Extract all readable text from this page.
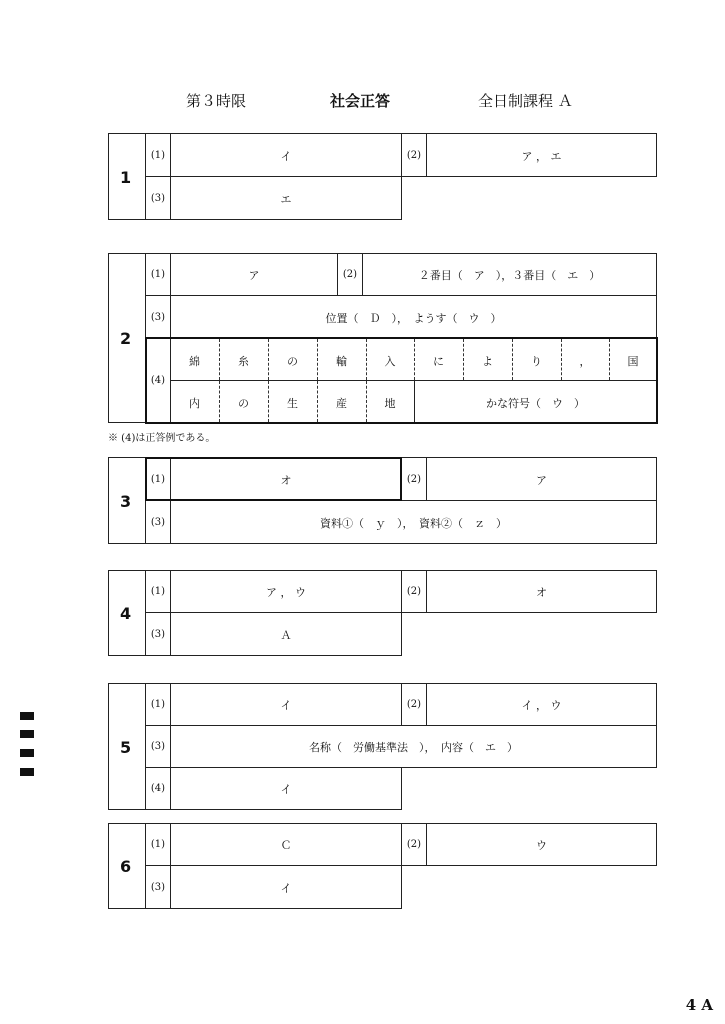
第３時限	社会正答	全日制課程 Ａ
1
(1)	イ	(2)	ア ， エ
(3)	エ
2
(1)	ア	(2)	２番目（　ア　），３番目（　エ　）
(3)	位置（　Ｄ　），　ようす（　ウ　）
(4)
綿	糸	の	輸	入	に	よ	り	，	国
内	の	生	産	地	かな符号（　ウ　）
※ (4)は正答例である。
3
(1)	オ	(2)	ア
(3)	資料①（　ｙ　），　資料②（　ｚ　）
4
(1)	ア ， ウ	(2)	オ
(3)	Ａ
5
(1)	イ	(2)	イ ， ウ
(3)	名称（　労働基準法　），　内容（　エ　）
(4)	イ
6
(1)	Ｃ	(2)	ウ
(3)	イ
4 A
